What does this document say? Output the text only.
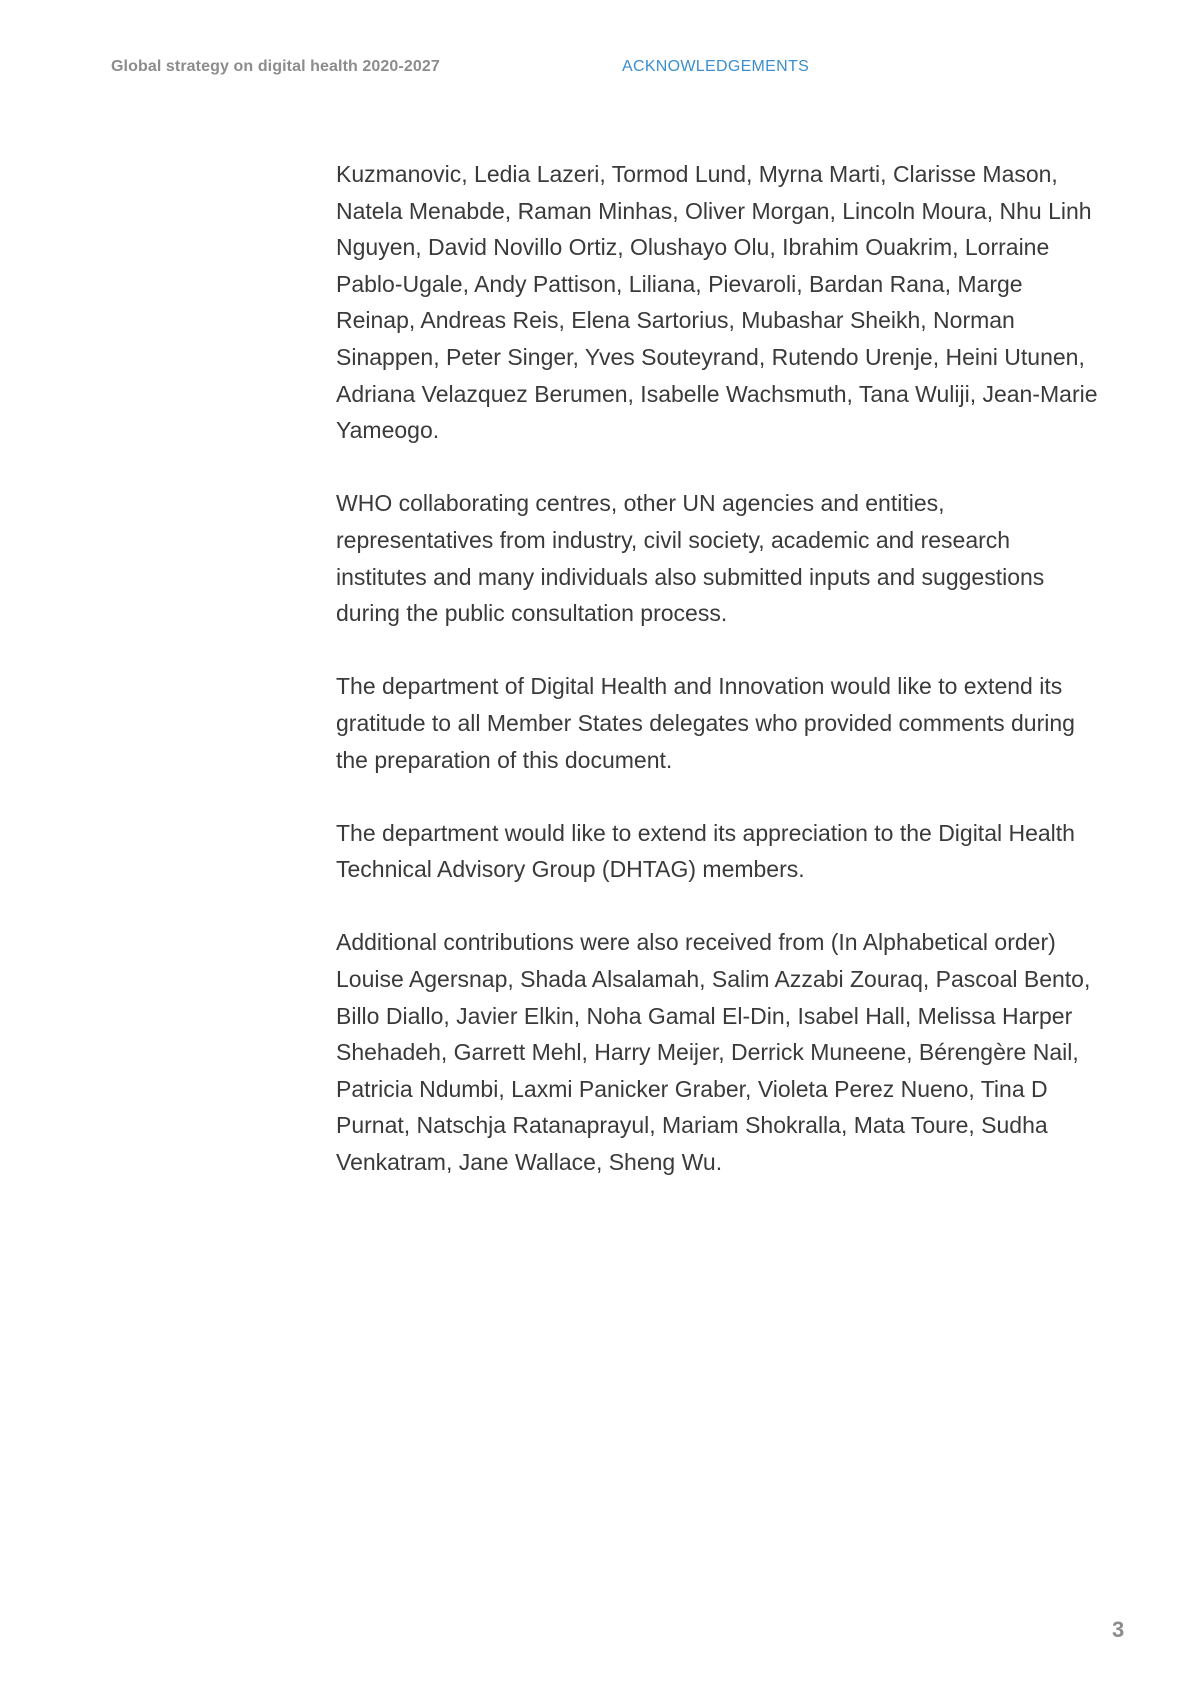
Global strategy on digital health 2020-2027	ACKNOWLEDGEMENTS

Kuzmanovic, Ledia Lazeri, Tormod Lund, Myrna Marti, Clarisse Mason, Natela Menabde, Raman Minhas, Oliver Morgan, Lincoln Moura, Nhu Linh Nguyen, David Novillo Ortiz, Olushayo Olu, Ibrahim Ouakrim, Lorraine Pablo-Ugale, Andy Pattison, Liliana, Pievaroli, Bardan Rana, Marge Reinap, Andreas Reis, Elena Sartorius, Mubashar Sheikh, Norman Sinappen, Peter Singer, Yves Souteyrand, Rutendo Urenje, Heini Utunen, Adriana Velazquez Berumen, Isabelle Wachsmuth, Tana Wuliji, Jean-Marie Yameogo.

WHO collaborating centres, other UN agencies and entities, representatives from industry, civil society, academic and research institutes and many individuals also submitted inputs and suggestions during the public consultation process.

The department of Digital Health and Innovation would like to extend its gratitude to all Member States delegates who provided comments during the preparation of this document.

The department would like to extend its appreciation to the Digital Health Technical Advisory Group (DHTAG) members.

Additional contributions were also received from (In Alphabetical order) Louise Agersnap, Shada Alsalamah, Salim Azzabi Zouraq, Pascoal Bento, Billo Diallo, Javier Elkin, Noha Gamal El-Din, Isabel Hall, Melissa Harper Shehadeh, Garrett Mehl, Harry Meijer, Derrick Muneene, Bérengère Nail, Patricia Ndumbi, Laxmi Panicker Graber, Violeta Perez Nueno, Tina D Purnat, Natschja Ratanaprayul, Mariam Shokralla, Mata Toure, Sudha Venkatram, Jane Wallace, Sheng Wu.

3
